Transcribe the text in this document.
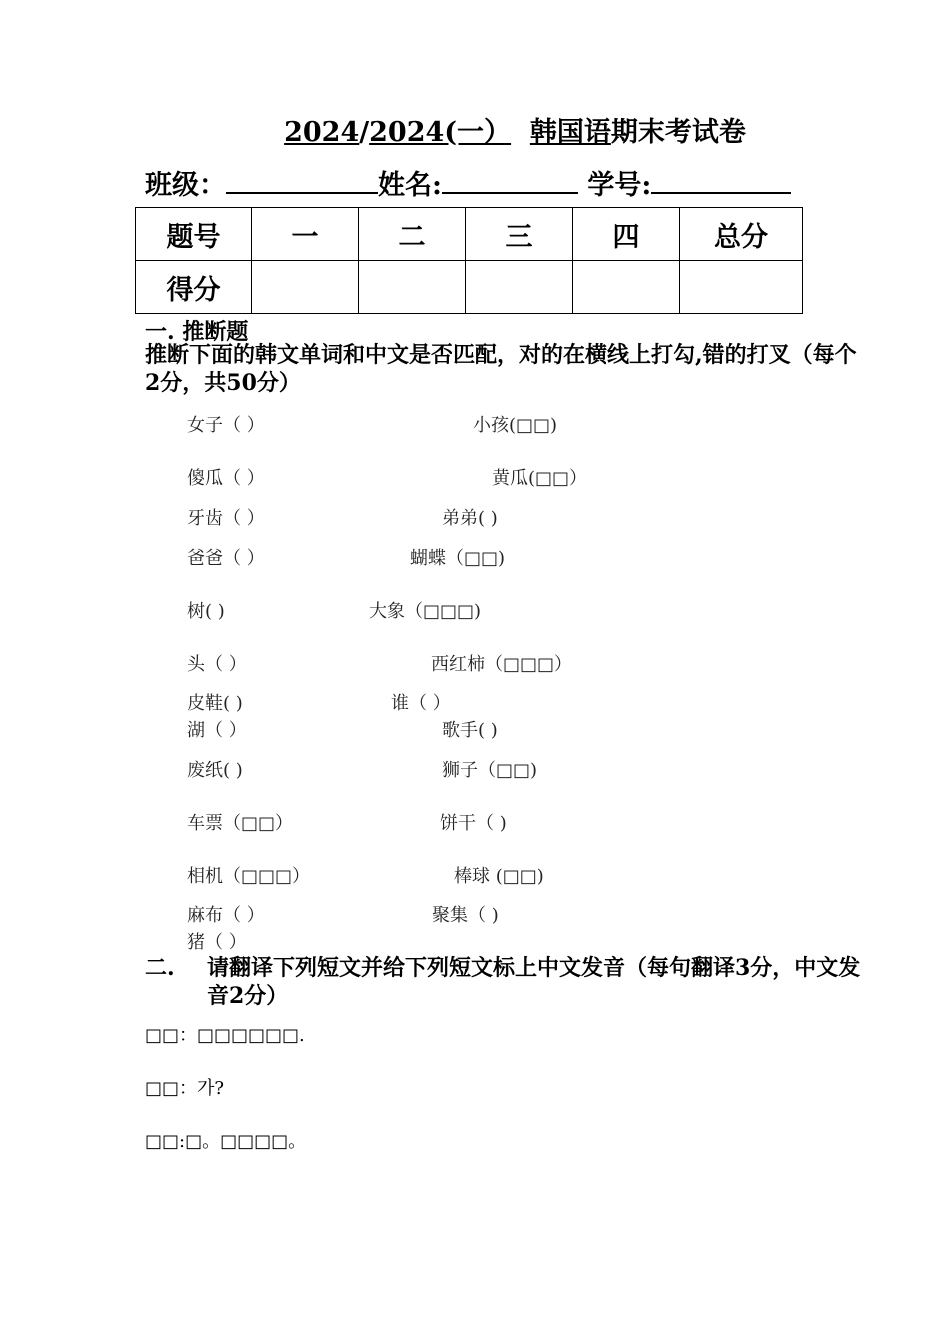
2024/2024(一） 韩国语期末考试卷
班级：	姓名:	学号:
题号	一	二	三	四	总分
得分					
一. 推断题
推断下面的韩文单词和中文是否匹配，对的在横线上打勾,错的打叉（每个2分，共50分）
女子（ ）	小孩(□□)
傻瓜（ ）	黄瓜(□□）
牙齿（ ）	弟弟( )
爸爸（ ）	蝴蝶（□□)
树( )	大象（□□□)
头（ ）	西红柿（□□□）
皮鞋( )	谁（ ）
湖（ ）	歌手( )
废纸( )	狮子（□□)
车票（□□）	饼干（ )
相机（□□□）	棒球 (□□)
麻布（ ）	聚集（ )
猪（ ）
二. 请翻译下列短文并给下列短文标上中文发音（每句翻译3分，中文发音2分）
□□：□□□□□□.
□□：가?
□□:□。□□□□。
